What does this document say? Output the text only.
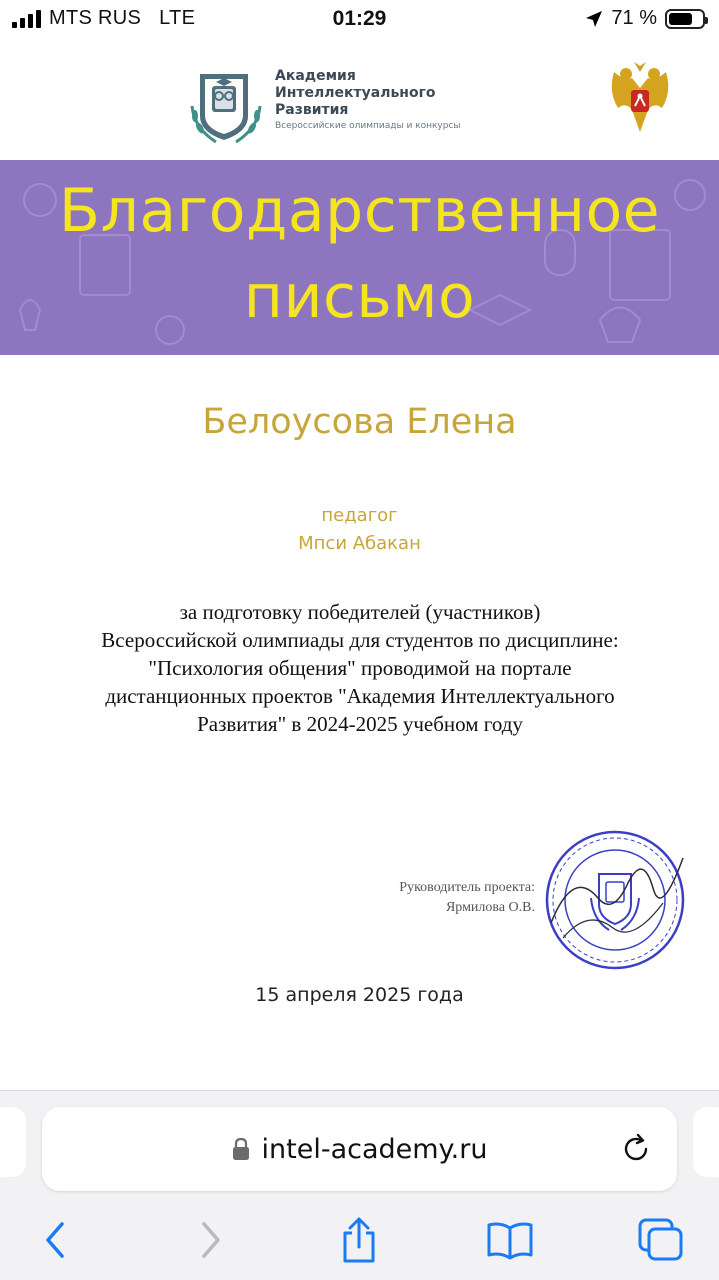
MTS RUS LTE	01:29	71 %
Академия
Интеллектуального
Развития
Всероссийские олимпиады и конкурсы
Благодарственное
письмо
Белоусова Елена
педагог
Мпси Абакан
за подготовку победителей (участников)
Всероссийской олимпиады для студентов по дисциплине:
"Психология общения" проводимой на портале
дистанционных проектов "Академия Интеллектуального
Развития" в 2024-2025 учебном году
Руководитель проекта:
Ярмилова О.В.
15 апреля 2025 года
intel-academy.ru
